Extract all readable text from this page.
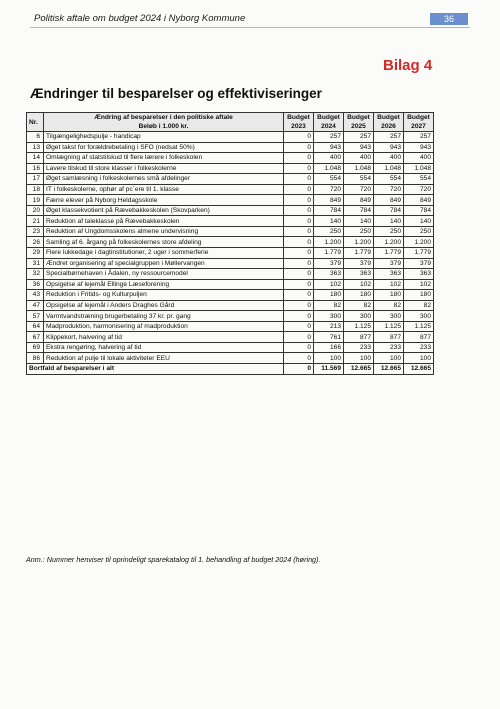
Politisk aftale om budget 2024 i Nyborg Kommune	36
Bilag 4
Ændringer til besparelser og effektiviseringer
Nr.	Ændring af besparelser i den politiske aftale	Budget	Budget	Budget	Budget	Budget
	Beløb i 1.000 kr.	2023	2024	2025	2026	2027
6	Tilgængelighedspulje - handicap	0	257	257	257	257
13	Øget takst for forældrebetaling i SFO (nedsat 50%)	0	943	943	943	943
14	Omlægning af statstilskud til flere lærere i folkeskolen	0	400	400	400	400
16	Lavere tilskud til store klasser i folkeskolerne	0	1.048	1.048	1.048	1.048
17	Øget samlæsning i folkeskolernes små afdelinger	0	554	554	554	554
18	IT i folkeskolerne, ophør af pc´ere til 1. klasse	0	720	720	720	720
19	Færre elever på Nyborg Heldagsskole	0	849	849	849	849
20	Øget klassekvotient på Rævebakkeskolen (Skovparken)	0	784	784	784	784
21	Reduktion af taleklasse på Rævebakkeskolen	0	140	140	140	140
23	Reduktion af Ungdomsskolens almene undervisning	0	250	250	250	250
26	Samling af 6. årgang på folkeskolernes store afdeling	0	1.200	1.200	1.200	1.200
29	Flere lukkedage i dagtinstitutioner, 2 uger i sommerferie	0	1.779	1.779	1.779	1.779
31	Ændret organisering af specialgruppen i Møllervangen	0	379	379	379	379
32	Specialbørnehaven i Ådalen, ny ressourcemodel	0	363	363	363	363
36	Opsigelse af lejemål Ellinge Læseforening	0	102	102	102	102
43	Reduktion i Fritids- og Kulturpuljen	0	180	180	180	180
47	Opsigelse af lejemål i Anders Draghes Gård	0	82	82	82	82
57	Varmtvandstræning brugerbetaling 37 kr. pr. gang	0	300	300	300	300
64	Madproduktion, harmonisering af madproduktion	0	213	1.125	1.125	1.125
67	Klippekort, halvering af tid	0	761	877	877	877
69	Ekstra rengøring, halvering af tid	0	166	233	233	233
86	Reduktion af pulje til lokale aktiviteter EEU	0	100	100	100	100
Bortfald af besparelser i alt		0	11.569	12.665	12.665	12.665
Anm.: Nummer henviser til oprindeligt sparekatalog til 1. behandling af budget 2024 (høring).
